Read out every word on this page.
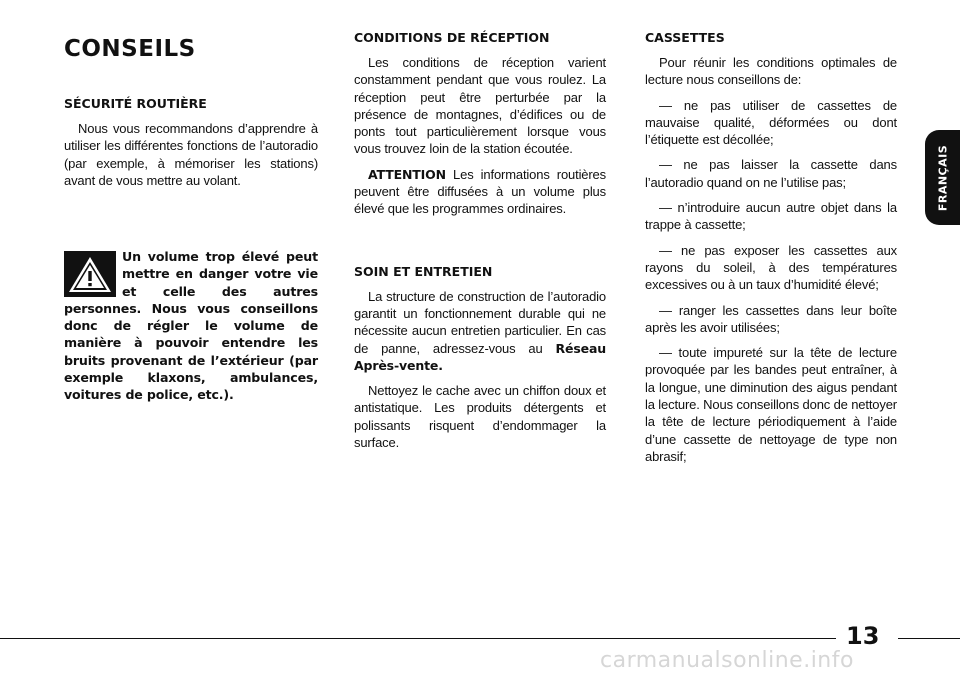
CONSEILS
SÉCURITÉ ROUTIÈRE

Nous vous recommandons d’apprendre à utiliser les différentes fonctions de l’autoradio (par exemple, à mémoriser les stations) avant de vous mettre au volant.

Un volume trop élevé peut mettre en danger votre vie et celle des autres personnes. Nous vous conseillons donc de régler le volume de manière à pouvoir entendre les bruits provenant de l’extérieur (par exemple klaxons, ambulances, voitures de police, etc.).

CONDITIONS DE RÉCEPTION

Les conditions de réception varient constamment pendant que vous roulez. La réception peut être perturbée par la présence de montagnes, d’édifices ou de ponts tout particulièrement lorsque vous vous trouvez loin de la station écoutée.

ATTENTION Les informations routières peuvent être diffusées à un volume plus élevé que les programmes ordinaires.

SOIN ET ENTRETIEN

La structure de construction de l’autoradio garantit un fonctionnement durable qui ne nécessite aucun entretien particulier. En cas de panne, adressez-vous au Réseau Après-vente.

Nettoyez le cache avec un chiffon doux et antistatique. Les produits détergents et polissants risquent d’endommager la surface.

CASSETTES

Pour réunir les conditions optimales de lecture nous conseillons de:

— ne pas utiliser de cassettes de mauvaise qualité, déformées ou dont l’étiquette est décollée;

— ne pas laisser la cassette dans l’autoradio quand on ne l’utilise pas;

— n’introduire aucun autre objet dans la trappe à cassette;

— ne pas exposer les cassettes aux rayons du soleil, à des températures excessives ou à un taux d’humidité élevé;

— ranger les cassettes dans leur boîte après les avoir utilisées;

— toute impureté sur la tête de lecture provoquée par les bandes peut entraîner, à la longue, une diminution des aigus pendant la lecture. Nous conseillons donc de nettoyer la tête de lecture périodiquement à l’aide d’une cassette de nettoyage de type non abrasif;

FRANÇAIS
13
carmanualsonline.info
